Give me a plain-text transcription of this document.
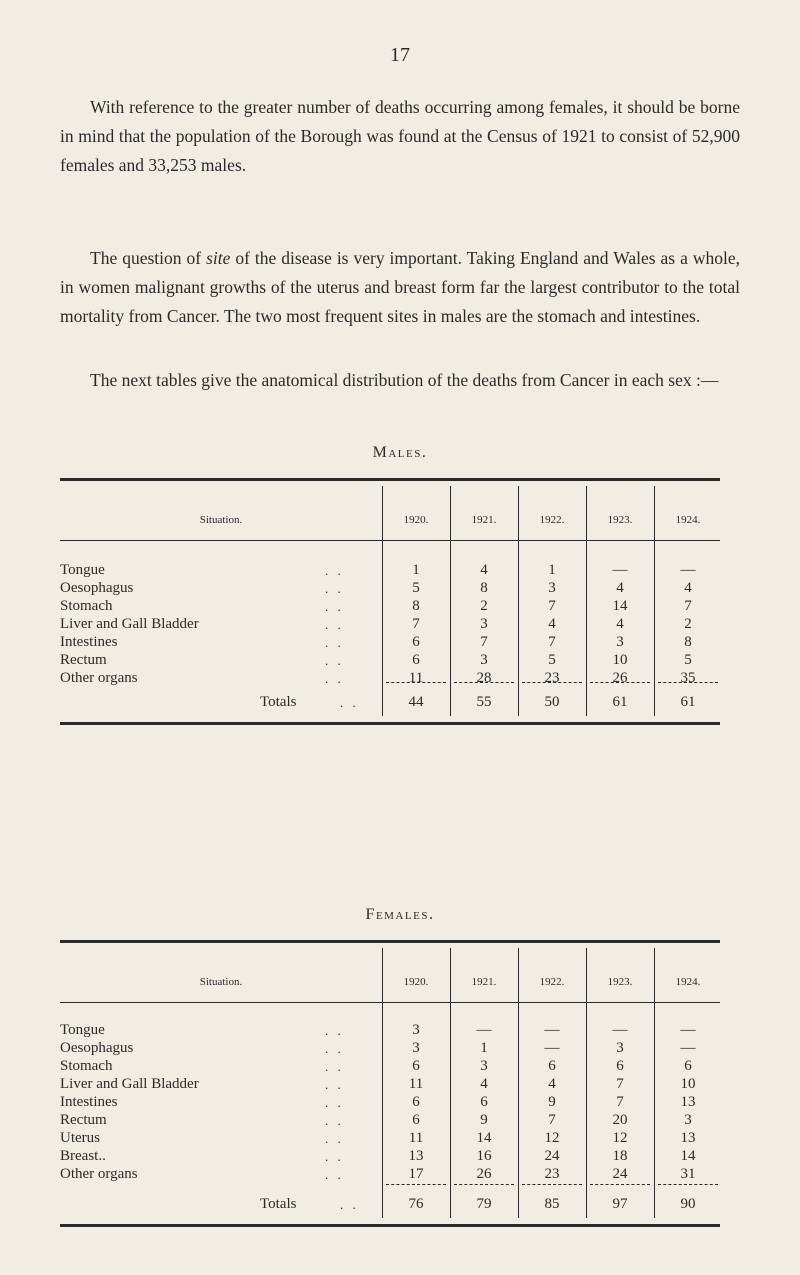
17
With reference to the greater number of deaths occurring among females, it should be borne in mind that the population of the Borough was found at the Census of 1921 to consist of 52,900 females and 33,253 males.
The question of site of the disease is very important. Taking England and Wales as a whole, in women malignant growths of the uterus and breast form far the largest contributor to the total mortality from Cancer. The two most frequent sites in males are the stomach and intestines.
The next tables give the anatomical distribution of the deaths from Cancer in each sex :—
Males.
Situation.	1920.	1921.	1922.	1923.	1924.
Tongue	. .	1	4	1	—	—
Oesophagus	. .	5	8	3	4	4
Stomach	. .	8	2	7	14	7
Liver and Gall Bladder	. .	7	3	4	4	2
Intestines	. .	6	7	7	3	8
Rectum	. .	6	3	5	10	5
Other organs	. .	11	28	23	26	35
Totals	. .	44	55	50	61	61
Females.
Situation.	1920.	1921.	1922.	1923.	1924.
Tongue	. .	3	—	—	—	—
Oesophagus	. .	3	1	—	3	—
Stomach	. .	6	3	6	6	6
Liver and Gall Bladder	. .	11	4	4	7	10
Intestines	. .	6	6	9	7	13
Rectum	. .	6	9	7	20	3
Uterus	. .	11	14	12	12	13
Breast..	. .	13	16	24	18	14
Other organs	. .	17	26	23	24	31
Totals	. .	76	79	85	97	90
